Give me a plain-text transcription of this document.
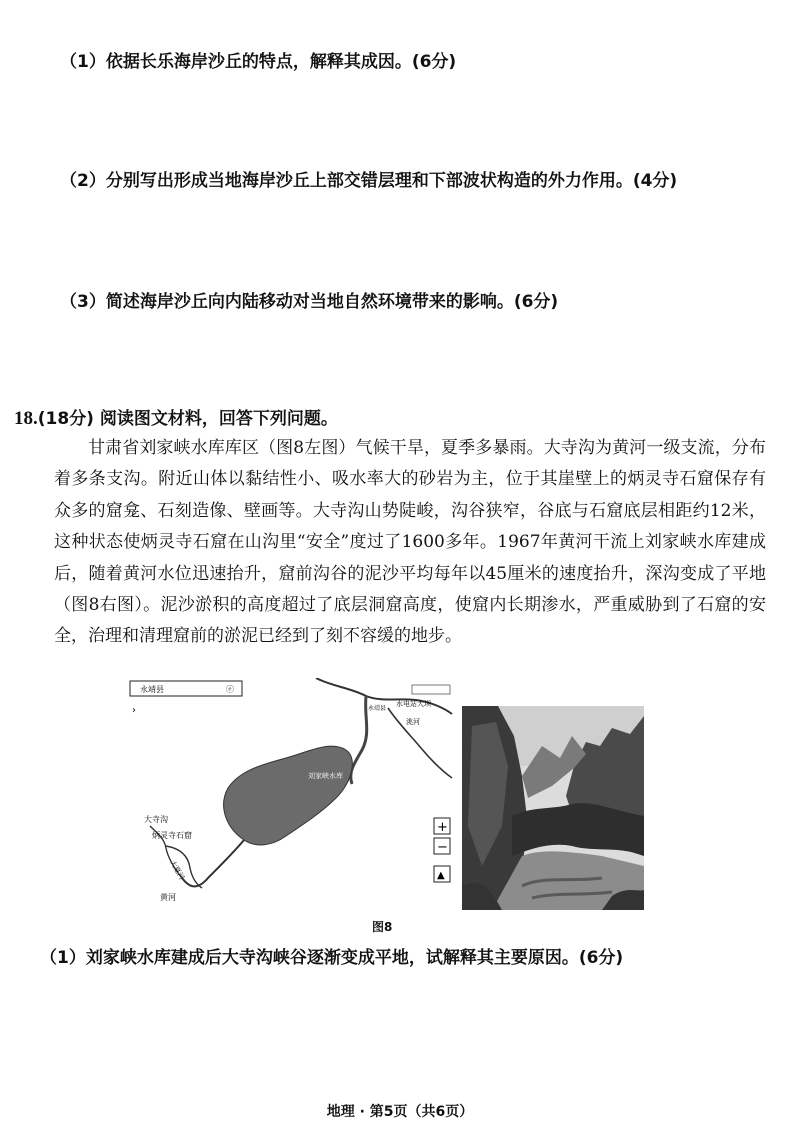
（1）依据长乐海岸沙丘的特点，解释其成因。(6分)
（2）分别写出形成当地海岸沙丘上部交错层理和下部波状构造的外力作用。(4分)
（3）简述海岸沙丘向内陆移动对当地自然环境带来的影响。(6分)
18.(18分) 阅读图文材料，回答下列问题。

甘肃省刘家峡水库库区（图8左图）气候干旱，夏季多暴雨。大寺沟为黄河一级支流，分布着多条支沟。附近山体以黏结性小、吸水率大的砂岩为主，位于其崖壁上的炳灵寺石窟保存有众多的窟龛、石刻造像、壁画等。大寺沟山势陡峻，沟谷狭窄，谷底与石窟底层相距约12米，这种状态使炳灵寺石窟在山沟里“安全”度过了1600多年。1967年黄河干流上刘家峡水库建成后，随着黄河水位迅速抬升，窟前沟谷的泥沙平均每年以45厘米的速度抬升，深沟变成了平地（图8右图）。泥沙淤积的高度超过了底层洞窟高度，使窟内长期渗水，严重威胁到了石窟的安全，治理和清理窟前的淤泥已经到了刻不容缓的地步。

永靖县	ⓔ
›
水电站大坝
永靖县
洮河
刘家峡水库
大寺沟
炳灵寺石窟
大夏河
黄河
+
−
▲
图8
（1）刘家峡水库建成后大寺沟峡谷逐渐变成平地，试解释其主要原因。(6分)
地理 · 第5页（共6页）
